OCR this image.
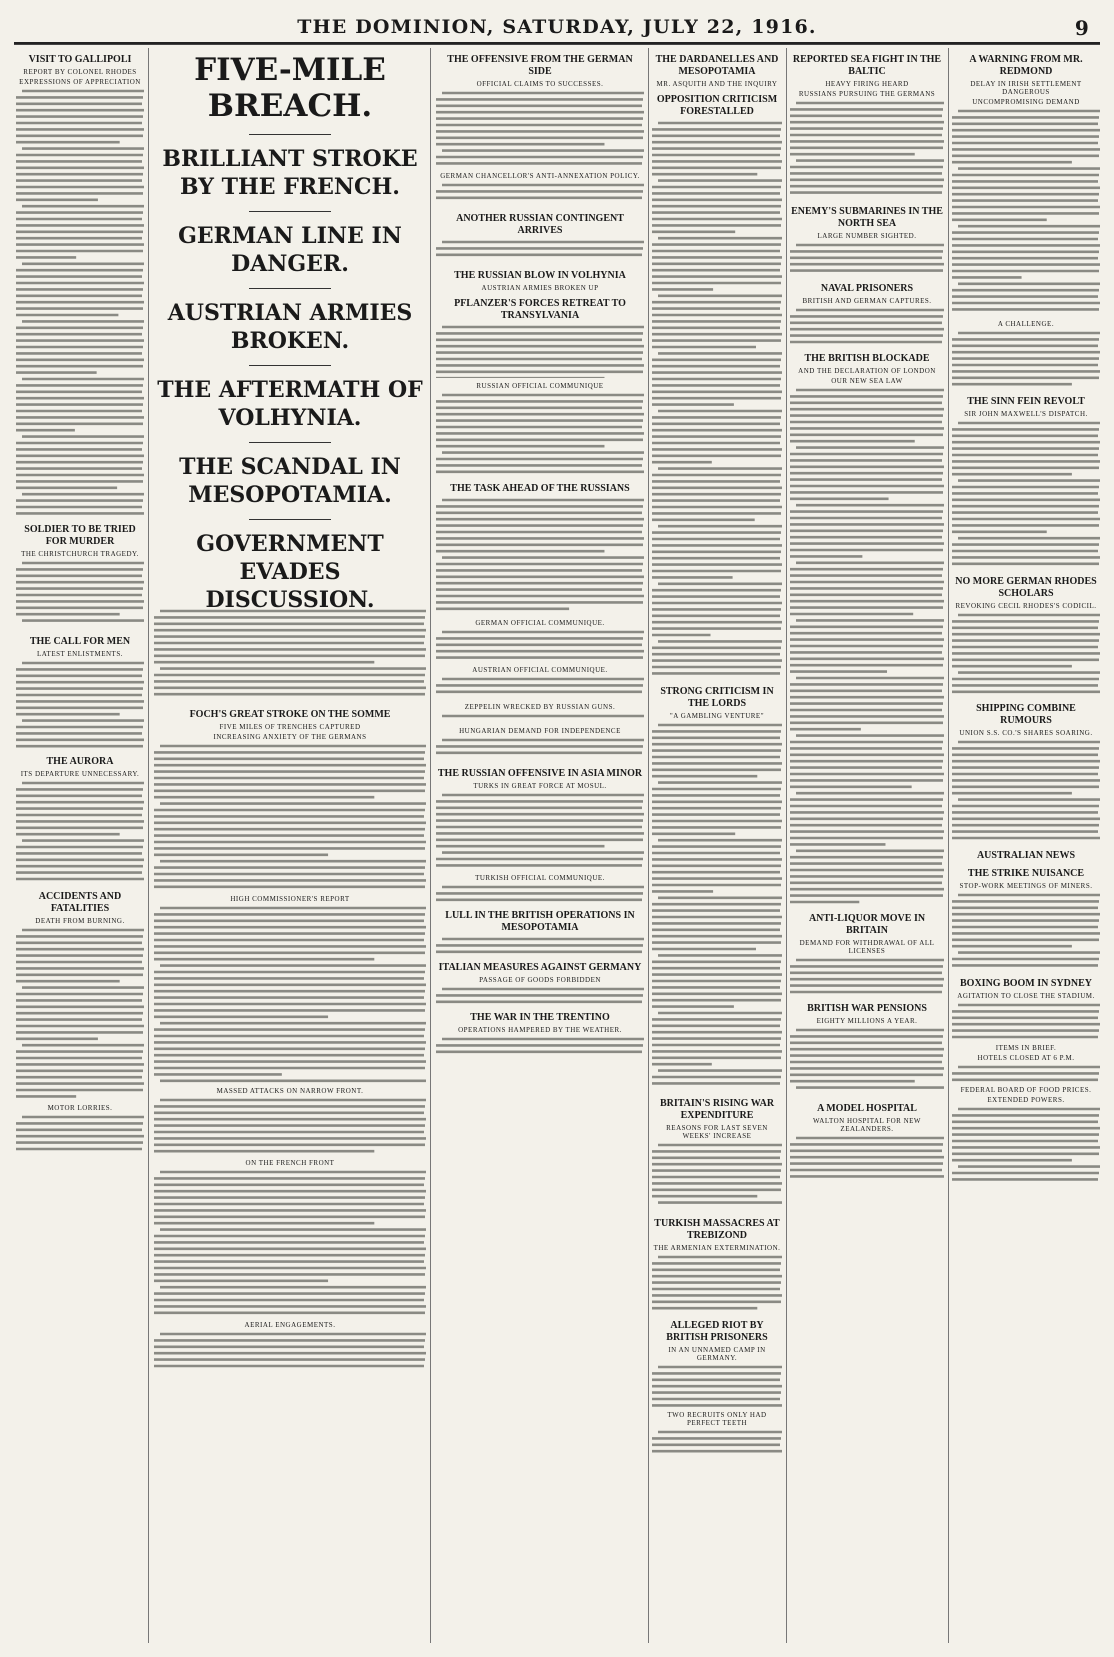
THE DOMINION, SATURDAY, JULY 22, 1916.	9
VISIT TO GALLIPOLI
REPORT BY COLONEL RHODES
EXPRESSIONS OF APPRECIATION
SOLDIER TO BE TRIED FOR MURDER
THE CHRISTCHURCH TRAGEDY.
THE CALL FOR MEN
LATEST ENLISTMENTS.
THE AURORA
ITS DEPARTURE UNNECESSARY.
ACCIDENTS AND FATALITIES
DEATH FROM BURNING.
MOTOR LORRIES.
FIVE-MILE BREACH.
BRILLIANT STROKE BY THE FRENCH.
GERMAN LINE IN DANGER.
AUSTRIAN ARMIES BROKEN.
THE AFTERMATH OF VOLHYNIA.
THE SCANDAL IN MESOPOTAMIA.
GOVERNMENT EVADES DISCUSSION.
FOCH'S GREAT STROKE ON THE SOMME
FIVE MILES OF TRENCHES CAPTURED
INCREASING ANXIETY OF THE GERMANS
HIGH COMMISSIONER'S REPORT
MASSED ATTACKS ON NARROW FRONT.
ON THE FRENCH FRONT
AERIAL ENGAGEMENTS.
THE OFFENSIVE FROM THE GERMAN SIDE
OFFICIAL CLAIMS TO SUCCESSES.
GERMAN CHANCELLOR'S ANTI-ANNEXATION POLICY.
ANOTHER RUSSIAN CONTINGENT ARRIVES
THE RUSSIAN BLOW IN VOLHYNIA
AUSTRIAN ARMIES BROKEN UP
PFLANZER'S FORCES RETREAT TO TRANSYLVANIA
RUSSIAN OFFICIAL COMMUNIQUE
THE TASK AHEAD OF THE RUSSIANS
GERMAN OFFICIAL COMMUNIQUE.
AUSTRIAN OFFICIAL COMMUNIQUE.
ZEPPELIN WRECKED BY RUSSIAN GUNS.
HUNGARIAN DEMAND FOR INDEPENDENCE
THE RUSSIAN OFFENSIVE IN ASIA MINOR
TURKS IN GREAT FORCE AT MOSUL.
TURKISH OFFICIAL COMMUNIQUE.
LULL IN THE BRITISH OPERATIONS IN MESOPOTAMIA
ITALIAN MEASURES AGAINST GERMANY
PASSAGE OF GOODS FORBIDDEN
THE WAR IN THE TRENTINO
OPERATIONS HAMPERED BY THE WEATHER.
THE DARDANELLES AND MESOPOTAMIA
MR. ASQUITH AND THE INQUIRY
OPPOSITION CRITICISM FORESTALLED
STRONG CRITICISM IN THE LORDS
"A GAMBLING VENTURE"
BRITAIN'S RISING WAR EXPENDITURE
REASONS FOR LAST SEVEN WEEKS' INCREASE
TURKISH MASSACRES AT TREBIZOND
THE ARMENIAN EXTERMINATION.
ALLEGED RIOT BY BRITISH PRISONERS
IN AN UNNAMED CAMP IN GERMANY.
TWO RECRUITS ONLY HAD PERFECT TEETH
REPORTED SEA FIGHT IN THE BALTIC
HEAVY FIRING HEARD
RUSSIANS PURSUING THE GERMANS
ENEMY'S SUBMARINES IN THE NORTH SEA
LARGE NUMBER SIGHTED.
NAVAL PRISONERS
BRITISH AND GERMAN CAPTURES.
THE BRITISH BLOCKADE
AND THE DECLARATION OF LONDON
OUR NEW SEA LAW
ANTI-LIQUOR MOVE IN BRITAIN
DEMAND FOR WITHDRAWAL OF ALL LICENSES
BRITISH WAR PENSIONS
EIGHTY MILLIONS A YEAR.
A MODEL HOSPITAL
WALTON HOSPITAL FOR NEW ZEALANDERS.
A WARNING FROM MR. REDMOND
DELAY IN IRISH SETTLEMENT DANGEROUS
UNCOMPROMISING DEMAND
A CHALLENGE.
THE SINN FEIN REVOLT
SIR JOHN MAXWELL'S DISPATCH.
NO MORE GERMAN RHODES SCHOLARS
REVOKING CECIL RHODES'S CODICIL.
SHIPPING COMBINE RUMOURS
UNION S.S. CO.'S SHARES SOARING.
AUSTRALIAN NEWS
THE STRIKE NUISANCE
STOP-WORK MEETINGS OF MINERS.
BOXING BOOM IN SYDNEY
AGITATION TO CLOSE THE STADIUM.
ITEMS IN BRIEF.
HOTELS CLOSED AT 6 P.M.
FEDERAL BOARD OF FOOD PRICES.
EXTENDED POWERS.
